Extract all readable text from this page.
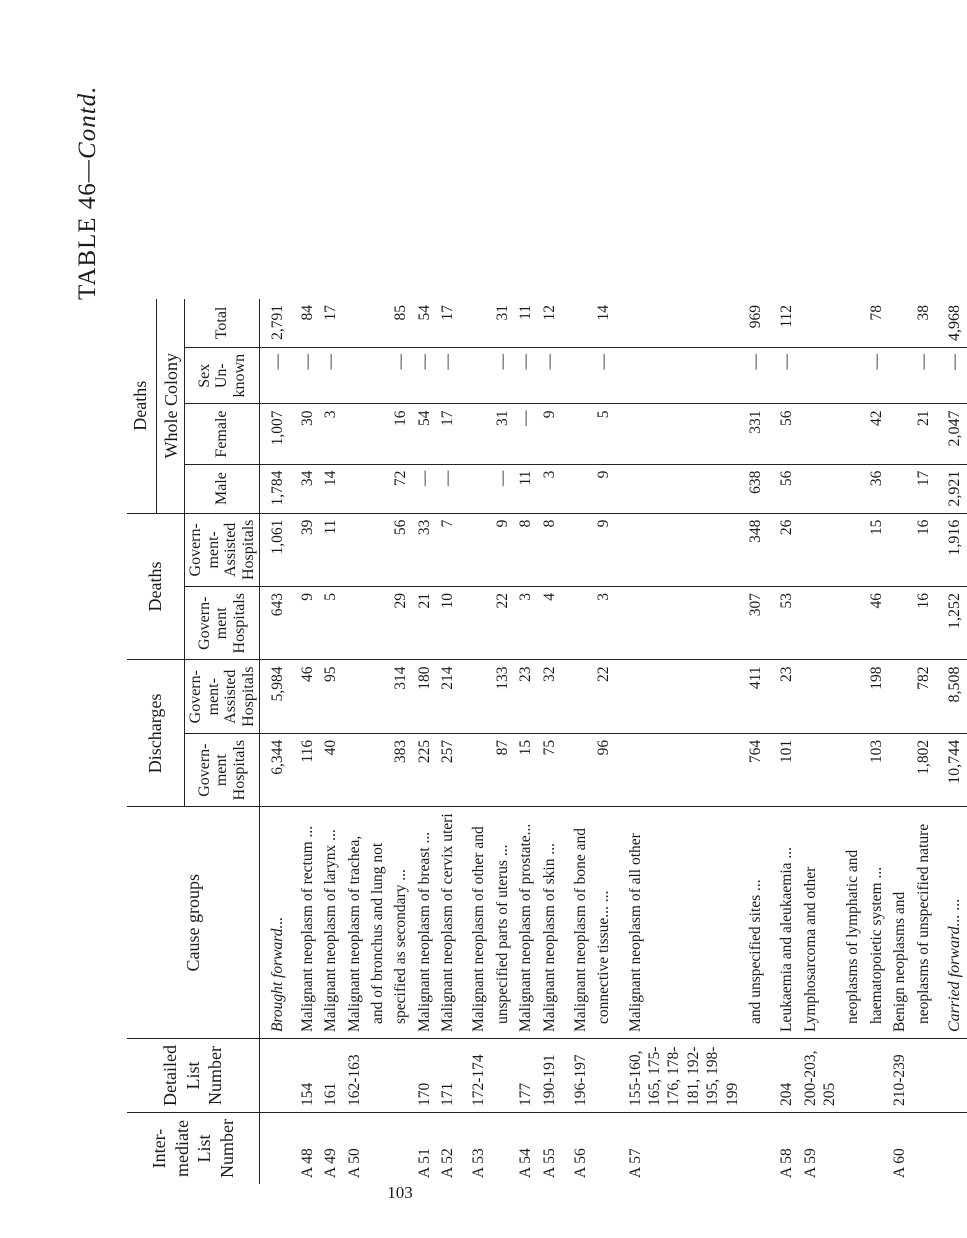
TABLE 46—Contd.
Inter-mediate List Number	Detailed List Number	Cause groups	Discharges		Deaths		Deaths Whole Colony			

			Govern-ment Hospitals	Govern-ment-Assisted Hospitals	Govern-ment Hospitals	Govern-ment-Assisted Hospitals	Male	Female	Sex Un-known	Total
		Brought forward...	6,344	5,984	643	1,061	1,784	1,007	—	2,791
A 48	154	Malignant neoplasm of rectum ...	116	46	9	39	34	30	—	84
A 49	161	Malignant neoplasm of larynx ...	40	95	5	11	14	3	—	17
A 50	162-163	Malignant neoplasm of trachea,								
		and of bronchus and lung not								
		specified as secondary ...	383	314	29	56	72	16	—	85
A 51	170	Malignant neoplasm of breast ...	225	180	21	33	—	54	—	54
A 52	171	Malignant neoplasm of cervix uteri	257	214	10	7	—	17	—	17
A 53	172-174	Malignant neoplasm of other and								
		unspecified parts of uterus ...	87	133	22	9	—	31	—	31
A 54	177	Malignant neoplasm of prostate...	15	23	3	8	11	—	—	11
A 55	190-191	Malignant neoplasm of skin ...	75	32	4	8	3	9	—	12
A 56	196-197	Malignant neoplasm of bone and								
		connective tissue... ...	96	22	3	9	9	5	—	14
A 57	155-160, 165, 175-176, 178-181, 192-195, 198-199	Malignant neoplasm of all other								
		and unspecified sites ...	764	411	307	348	638	331	—	969
A 58	204	Leukaemia and aleukaemia ...	101	23	53	26	56	56	—	112
A 59	200-203, 205	Lymphosarcoma and other								
		neoplasms of lymphatic and								
		haematopoietic system ...	103	198	46	15	36	42	—	78
A 60	210-239	Benign neoplasms and								
		neoplasms of unspecified nature	1,802	782	16	16	17	21	—	38
		Carried forward... ...	10,744	8,508	1,252	1,916	2,921	2,047	—	4,968
103
